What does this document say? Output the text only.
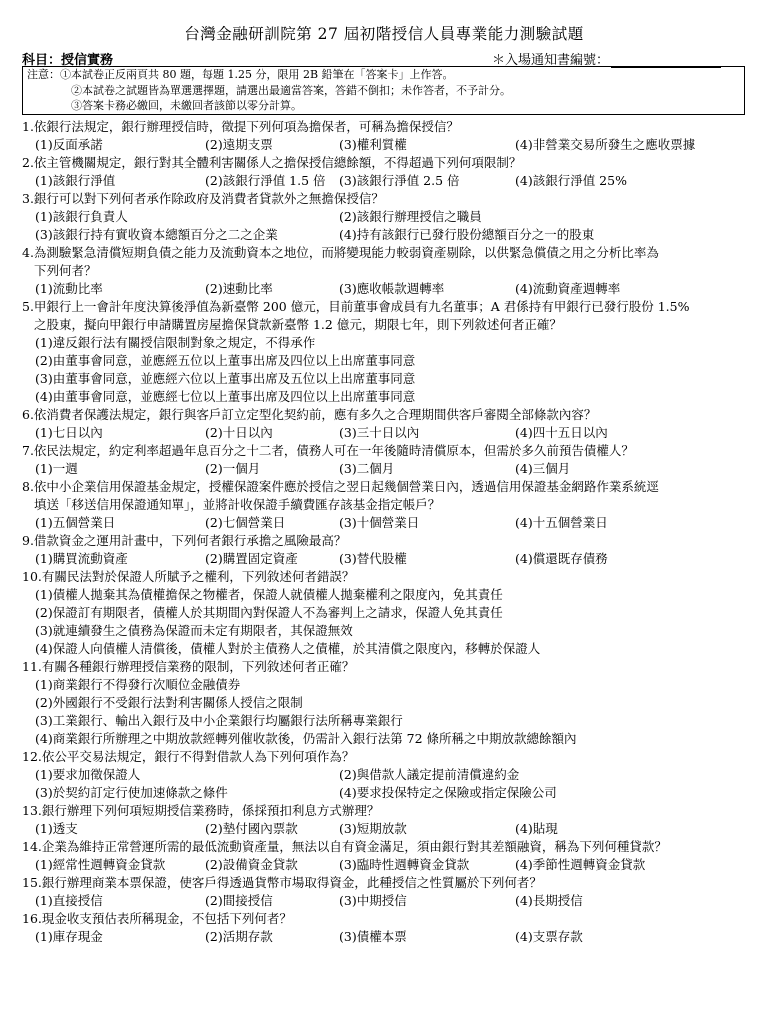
台灣金融研訓院第 27 屆初階授信人員專業能力測驗試題
科目：授信實務	＊入場通知書編號：
注意：①本試卷正反兩頁共 80 題，每題 1.25 分，限用 2B 鉛筆在「答案卡」上作答。
②本試卷之試題皆為單選選擇題，請選出最適當答案，答錯不倒扣；未作答者，不予計分。
③答案卡務必繳回，未繳回者該節以零分計算。
1.依銀行法規定，銀行辦理授信時，徵提下列何項為擔保者，可稱為擔保授信？
(1)反面承諾	(2)遠期支票	(3)權利質權	(4)非營業交易所發生之應收票據
2.依主管機關規定，銀行對其全體利害關係人之擔保授信總餘額，不得超過下列何項限制？
(1)該銀行淨值	(2)該銀行淨值 1.5 倍 (3)該銀行淨值 2.5 倍	(4)該銀行淨值 25%
3.銀行可以對下列何者承作除政府及消費者貸款外之無擔保授信？
(1)該銀行負責人	(2)該銀行辦理授信之職員
(3)該銀行持有實收資本總額百分之二之企業	(4)持有該銀行已發行股份總額百分之一的股東
4.為測驗緊急清償短期負債之能力及流動資本之地位，而將變現能力較弱資產剔除，以供緊急償債之用之分析比率為
下列何者？
(1)流動比率	(2)速動比率	(3)應收帳款週轉率	(4)流動資產週轉率
5.甲銀行上一會計年度決算後淨值為新臺幣 200 億元，目前董事會成員有九名董事；A 君係持有甲銀行已發行股份 1.5%
之股東，擬向甲銀行申請購置房屋擔保貸款新臺幣 1.2 億元，期限七年，則下列敘述何者正確？
(1)違反銀行法有關授信限制對象之規定，不得承作
(2)由董事會同意，並應經五位以上董事出席及四位以上出席董事同意
(3)由董事會同意，並應經六位以上董事出席及五位以上出席董事同意
(4)由董事會同意，並應經七位以上董事出席及四位以上出席董事同意
6.依消費者保護法規定，銀行與客戶訂立定型化契約前，應有多久之合理期間供客戶審閱全部條款內容？
(1)七日以內	(2)十日以內	(3)三十日以內	(4)四十五日以內
7.依民法規定，約定利率超過年息百分之十二者，債務人可在一年後隨時清償原本，但需於多久前預告債權人？
(1)一週	(2)一個月	(3)二個月	(4)三個月
8.依中小企業信用保證基金規定，授權保證案件應於授信之翌日起幾個營業日內，透過信用保證基金網路作業系統逕
填送「移送信用保證通知單」，並將計收保證手續費匯存該基金指定帳戶？
(1)五個營業日	(2)七個營業日	(3)十個營業日	(4)十五個營業日
9.借款資金之運用計畫中，下列何者銀行承擔之風險最高？
(1)購買流動資產	(2)購置固定資產	(3)替代股權	(4)償還既存債務
10.有關民法對於保證人所賦予之權利，下列敘述何者錯誤？
(1)債權人拋棄其為債權擔保之物權者，保證人就債權人拋棄權利之限度內，免其責任
(2)保證訂有期限者，債權人於其期間內對保證人不為審判上之請求，保證人免其責任
(3)就連續發生之債務為保證而未定有期限者，其保證無效
(4)保證人向債權人清償後，債權人對於主債務人之債權，於其清償之限度內，移轉於保證人
11.有關各種銀行辦理授信業務的限制，下列敘述何者正確？
(1)商業銀行不得發行次順位金融債券
(2)外國銀行不受銀行法對利害關係人授信之限制
(3)工業銀行、輸出入銀行及中小企業銀行均屬銀行法所稱專業銀行
(4)商業銀行所辦理之中期放款經轉列催收款後，仍需計入銀行法第 72 條所稱之中期放款總餘額內
12.依公平交易法規定，銀行不得對借款人為下列何項作為？
(1)要求加徵保證人	(2)與借款人議定提前清償違約金
(3)於契約訂定行使加速條款之條件	(4)要求投保特定之保險或指定保險公司
13.銀行辦理下列何項短期授信業務時，係採預扣利息方式辦理？
(1)透支	(2)墊付國內票款	(3)短期放款	(4)貼現
14.企業為維持正常營運所需的最低流動資產量，無法以自有資金滿足，須由銀行對其差額融資，稱為下列何種貸款？
(1)經常性週轉資金貸款	(2)設備資金貸款	(3)臨時性週轉資金貸款	(4)季節性週轉資金貸款
15.銀行辦理商業本票保證，使客戶得透過貨幣市場取得資金，此種授信之性質屬於下列何者？
(1)直接授信	(2)間接授信	(3)中期授信	(4)長期授信
16.現金收支預估表所稱現金，不包括下列何者？
(1)庫存現金	(2)活期存款	(3)債權本票	(4)支票存款
